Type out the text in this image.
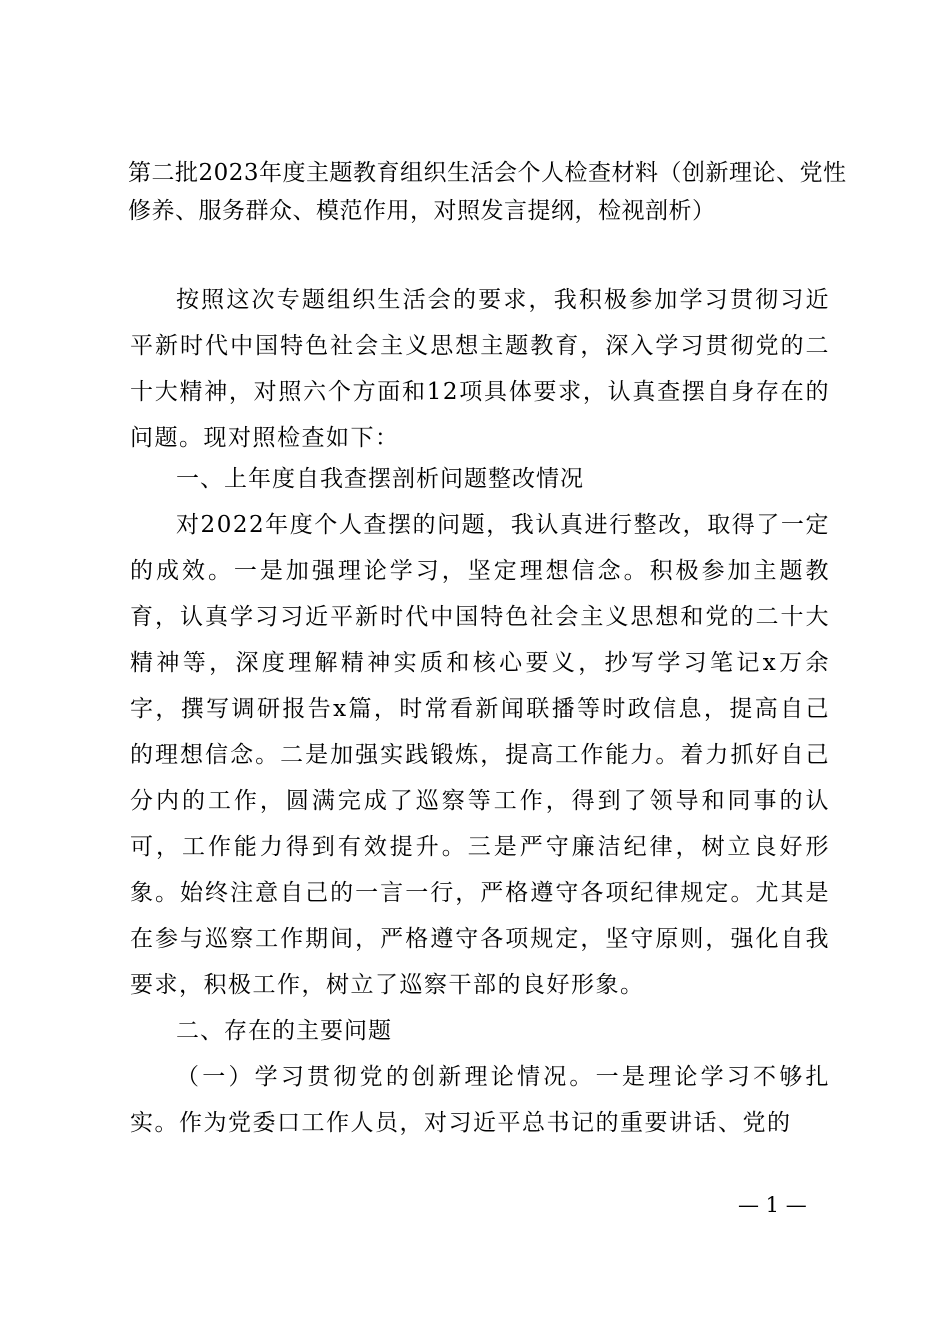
第二批2023年度主题教育组织生活会个人检查材料（创新理论、党性修养、服务群众、模范作用，对照发言提纲，检视剖析）

按照这次专题组织生活会的要求，我积极参加学习贯彻习近平新时代中国特色社会主义思想主题教育，深入学习贯彻党的二十大精神，对照六个方面和12项具体要求，认真查摆自身存在的问题。现对照检查如下：

一、上年度自我查摆剖析问题整改情况

对2022年度个人查摆的问题，我认真进行整改，取得了一定的成效。一是加强理论学习，坚定理想信念。积极参加主题教育，认真学习习近平新时代中国特色社会主义思想和党的二十大精神等，深度理解精神实质和核心要义，抄写学习笔记x万余字，撰写调研报告x篇，时常看新闻联播等时政信息，提高自己的理想信念。二是加强实践锻炼，提高工作能力。着力抓好自己分内的工作，圆满完成了巡察等工作，得到了领导和同事的认可，工作能力得到有效提升。三是严守廉洁纪律，树立良好形象。始终注意自己的一言一行，严格遵守各项纪律规定。尤其是在参与巡察工作期间，严格遵守各项规定，坚守原则，强化自我要求，积极工作，树立了巡察干部的良好形象。

二、存在的主要问题

（一）学习贯彻党的创新理论情况。一是理论学习不够扎实。作为党委口工作人员，对习近平总书记的重要讲话、党的

— 1 —
